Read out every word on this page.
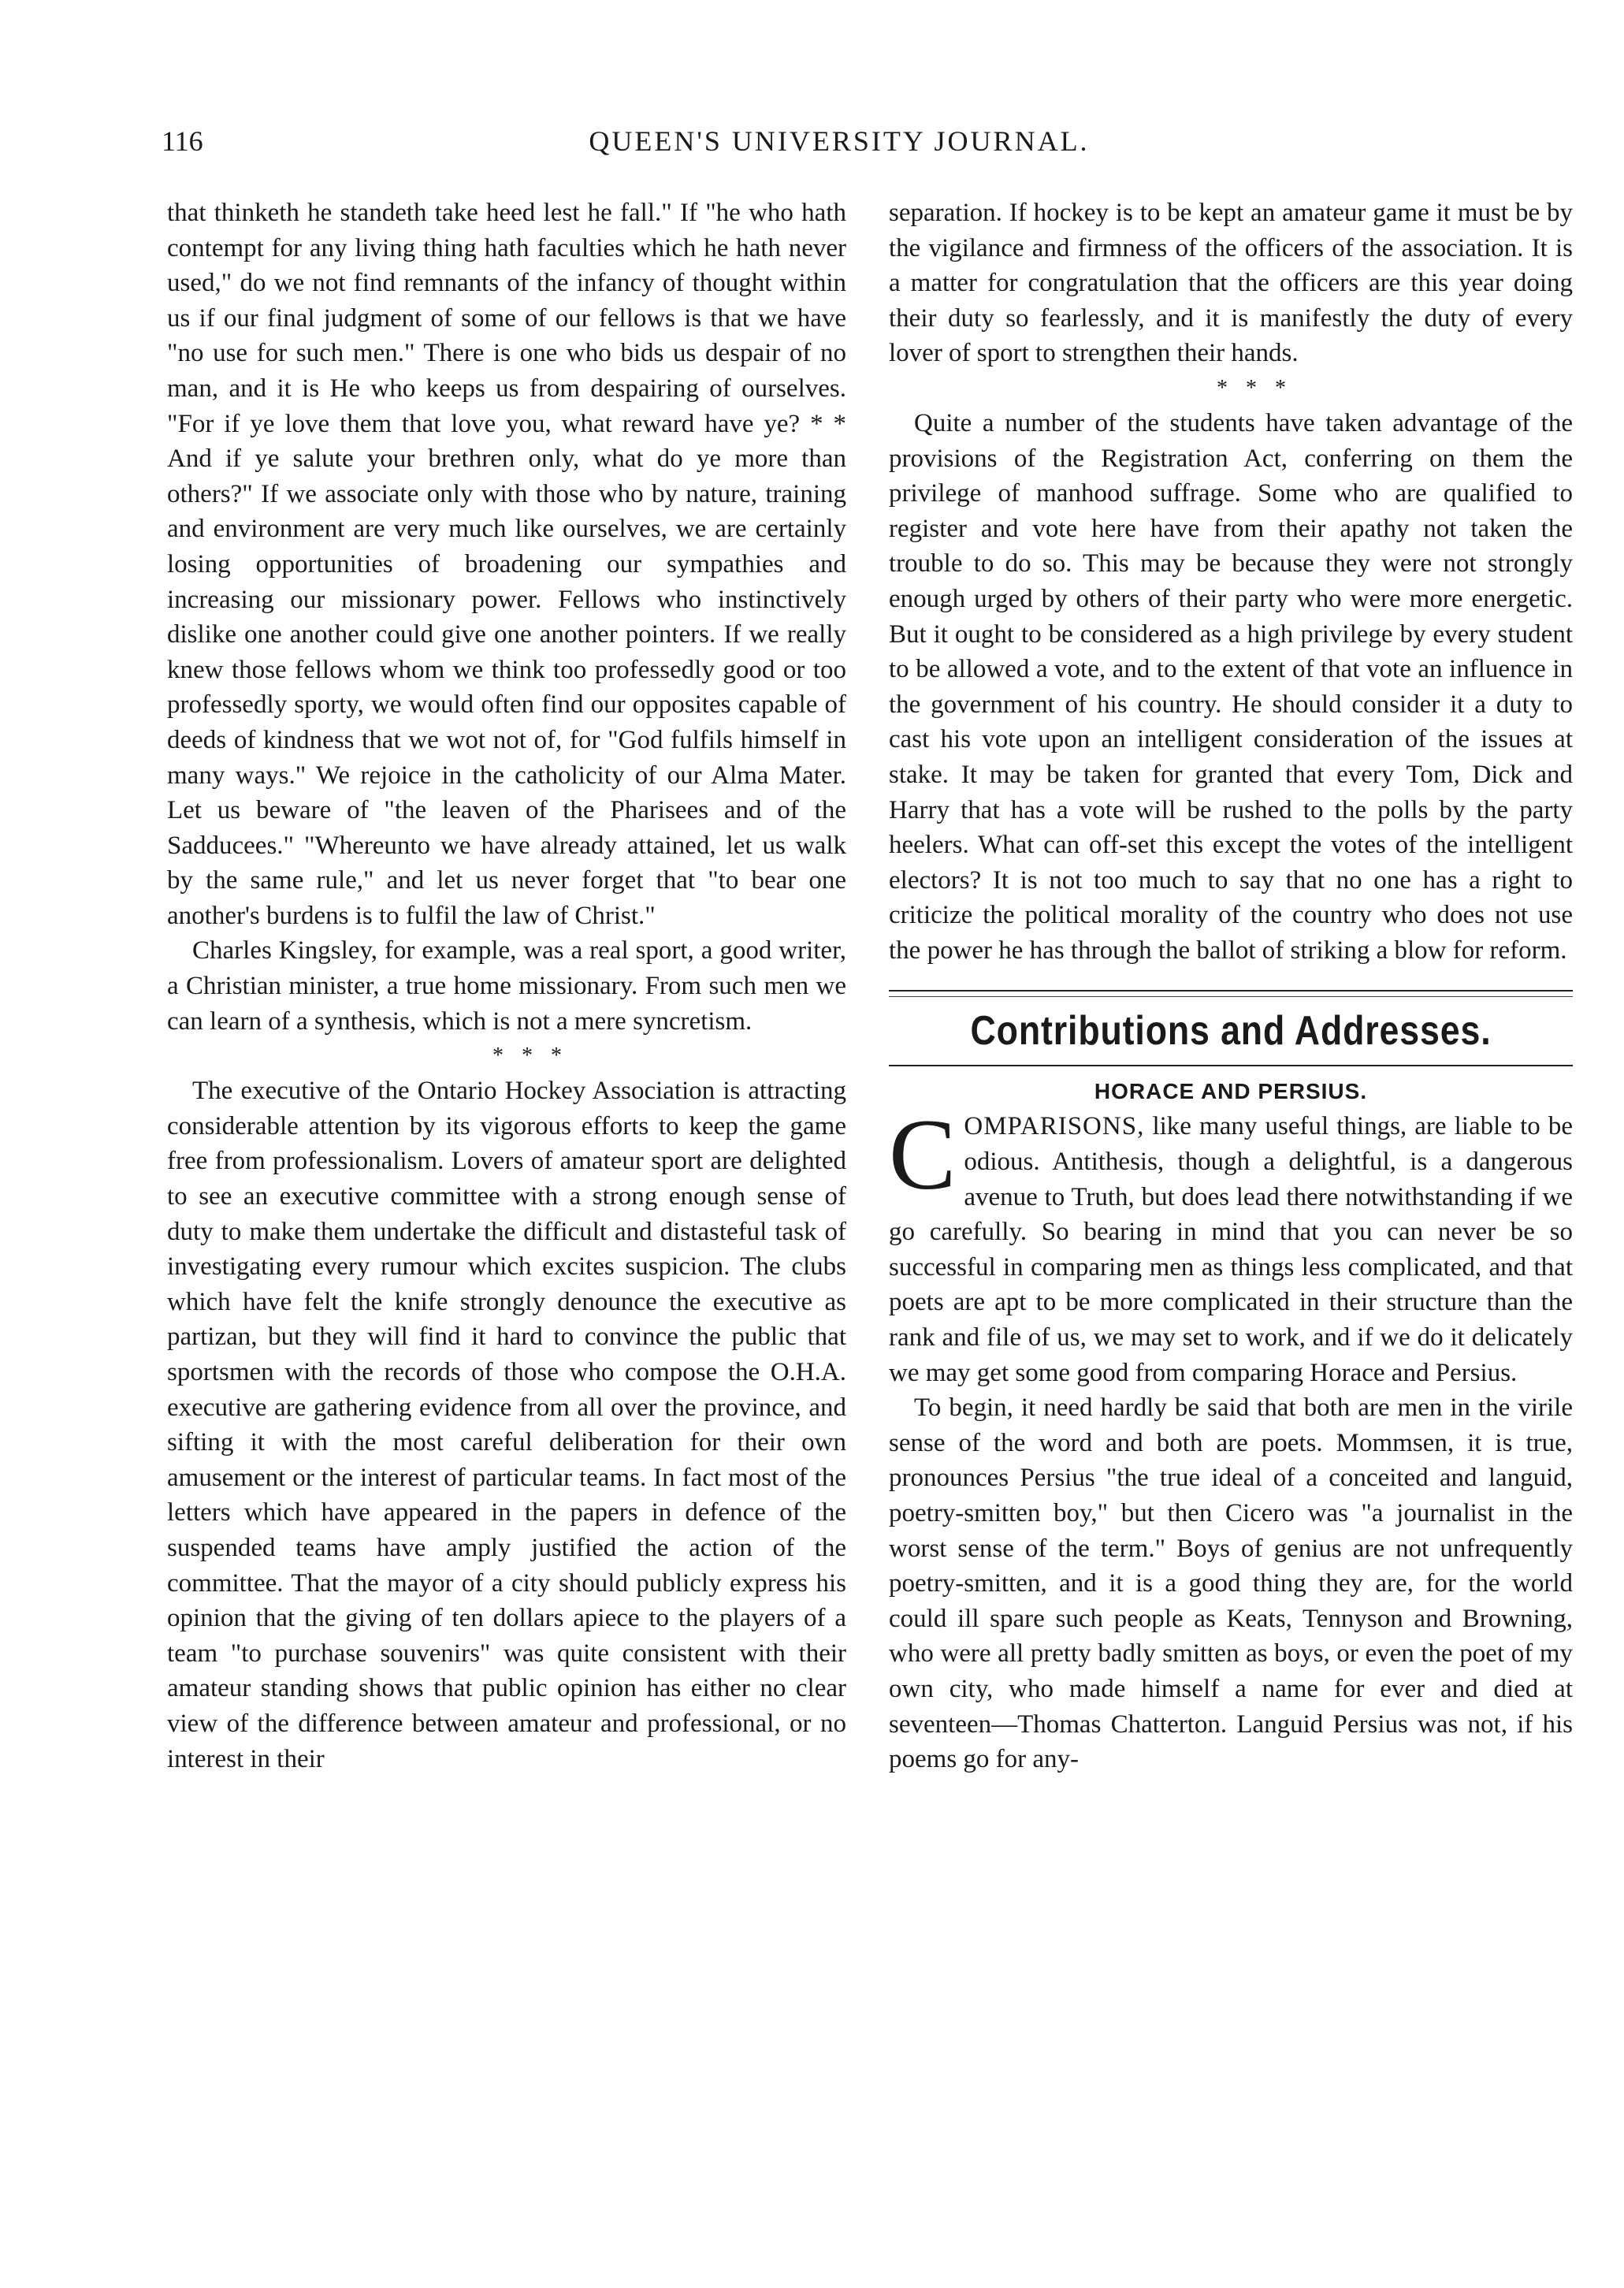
116	QUEEN'S UNIVERSITY JOURNAL.

that thinketh he standeth take heed lest he fall." If "he who hath contempt for any living thing hath faculties which he hath never used," do we not find remnants of the infancy of thought within us if our final judgment of some of our fellows is that we have "no use for such men." There is one who bids us despair of no man, and it is He who keeps us from despairing of ourselves. "For if ye love them that love you, what reward have ye? * * And if ye salute your brethren only, what do ye more than others?" If we associate only with those who by nature, training and environment are very much like ourselves, we are certainly losing opportunities of broadening our sympathies and increasing our missionary power. Fellows who instinctively dislike one another could give one another pointers. If we really knew those fellows whom we think too professedly good or too professedly sporty, we would often find our opposites capable of deeds of kindness that we wot not of, for "God fulfils himself in many ways." We rejoice in the catholicity of our Alma Mater. Let us beware of "the leaven of the Pharisees and of the Sadducees." "Whereunto we have already attained, let us walk by the same rule," and let us never forget that "to bear one another's burdens is to fulfil the law of Christ."

Charles Kingsley, for example, was a real sport, a good writer, a Christian minister, a true home missionary. From such men we can learn of a synthesis, which is not a mere syncretism.

* * *

The executive of the Ontario Hockey Association is attracting considerable attention by its vigorous efforts to keep the game free from professionalism. Lovers of amateur sport are delighted to see an executive committee with a strong enough sense of duty to make them undertake the difficult and distasteful task of investigating every rumour which excites suspicion. The clubs which have felt the knife strongly denounce the executive as partizan, but they will find it hard to convince the public that sportsmen with the records of those who compose the O.H.A. executive are gathering evidence from all over the province, and sifting it with the most careful deliberation for their own amusement or the interest of particular teams. In fact most of the letters which have appeared in the papers in defence of the suspended teams have amply justified the action of the committee. That the mayor of a city should publicly express his opinion that the giving of ten dollars apiece to the players of a team "to purchase souvenirs" was quite consistent with their amateur standing shows that public opinion has either no clear view of the difference between amateur and professional, or no interest in their

separation. If hockey is to be kept an amateur game it must be by the vigilance and firmness of the officers of the association. It is a matter for congratulation that the officers are this year doing their duty so fearlessly, and it is manifestly the duty of every lover of sport to strengthen their hands.

* * *

Quite a number of the students have taken advantage of the provisions of the Registration Act, conferring on them the privilege of manhood suffrage. Some who are qualified to register and vote here have from their apathy not taken the trouble to do so. This may be because they were not strongly enough urged by others of their party who were more energetic. But it ought to be considered as a high privilege by every student to be allowed a vote, and to the extent of that vote an influence in the government of his country. He should consider it a duty to cast his vote upon an intelligent consideration of the issues at stake. It may be taken for granted that every Tom, Dick and Harry that has a vote will be rushed to the polls by the party heelers. What can off-set this except the votes of the intelligent electors? It is not too much to say that no one has a right to criticize the political morality of the country who does not use the power he has through the ballot of striking a blow for reform.

Contributions and Addresses.
HORACE AND PERSIUS.

C OMPARISONS, like many useful things, are liable to be odious. Antithesis, though a delightful, is a dangerous avenue to Truth, but does lead there notwithstanding if we go carefully. So bearing in mind that you can never be so successful in comparing men as things less complicated, and that poets are apt to be more complicated in their structure than the rank and file of us, we may set to work, and if we do it delicately we may get some good from comparing Horace and Persius.

To begin, it need hardly be said that both are men in the virile sense of the word and both are poets. Mommsen, it is true, pronounces Persius "the true ideal of a conceited and languid, poetry-smitten boy," but then Cicero was "a journalist in the worst sense of the term." Boys of genius are not unfrequently poetry-smitten, and it is a good thing they are, for the world could ill spare such people as Keats, Tennyson and Browning, who were all pretty badly smitten as boys, or even the poet of my own city, who made himself a name for ever and died at seventeen—Thomas Chatterton. Languid Persius was not, if his poems go for any-
